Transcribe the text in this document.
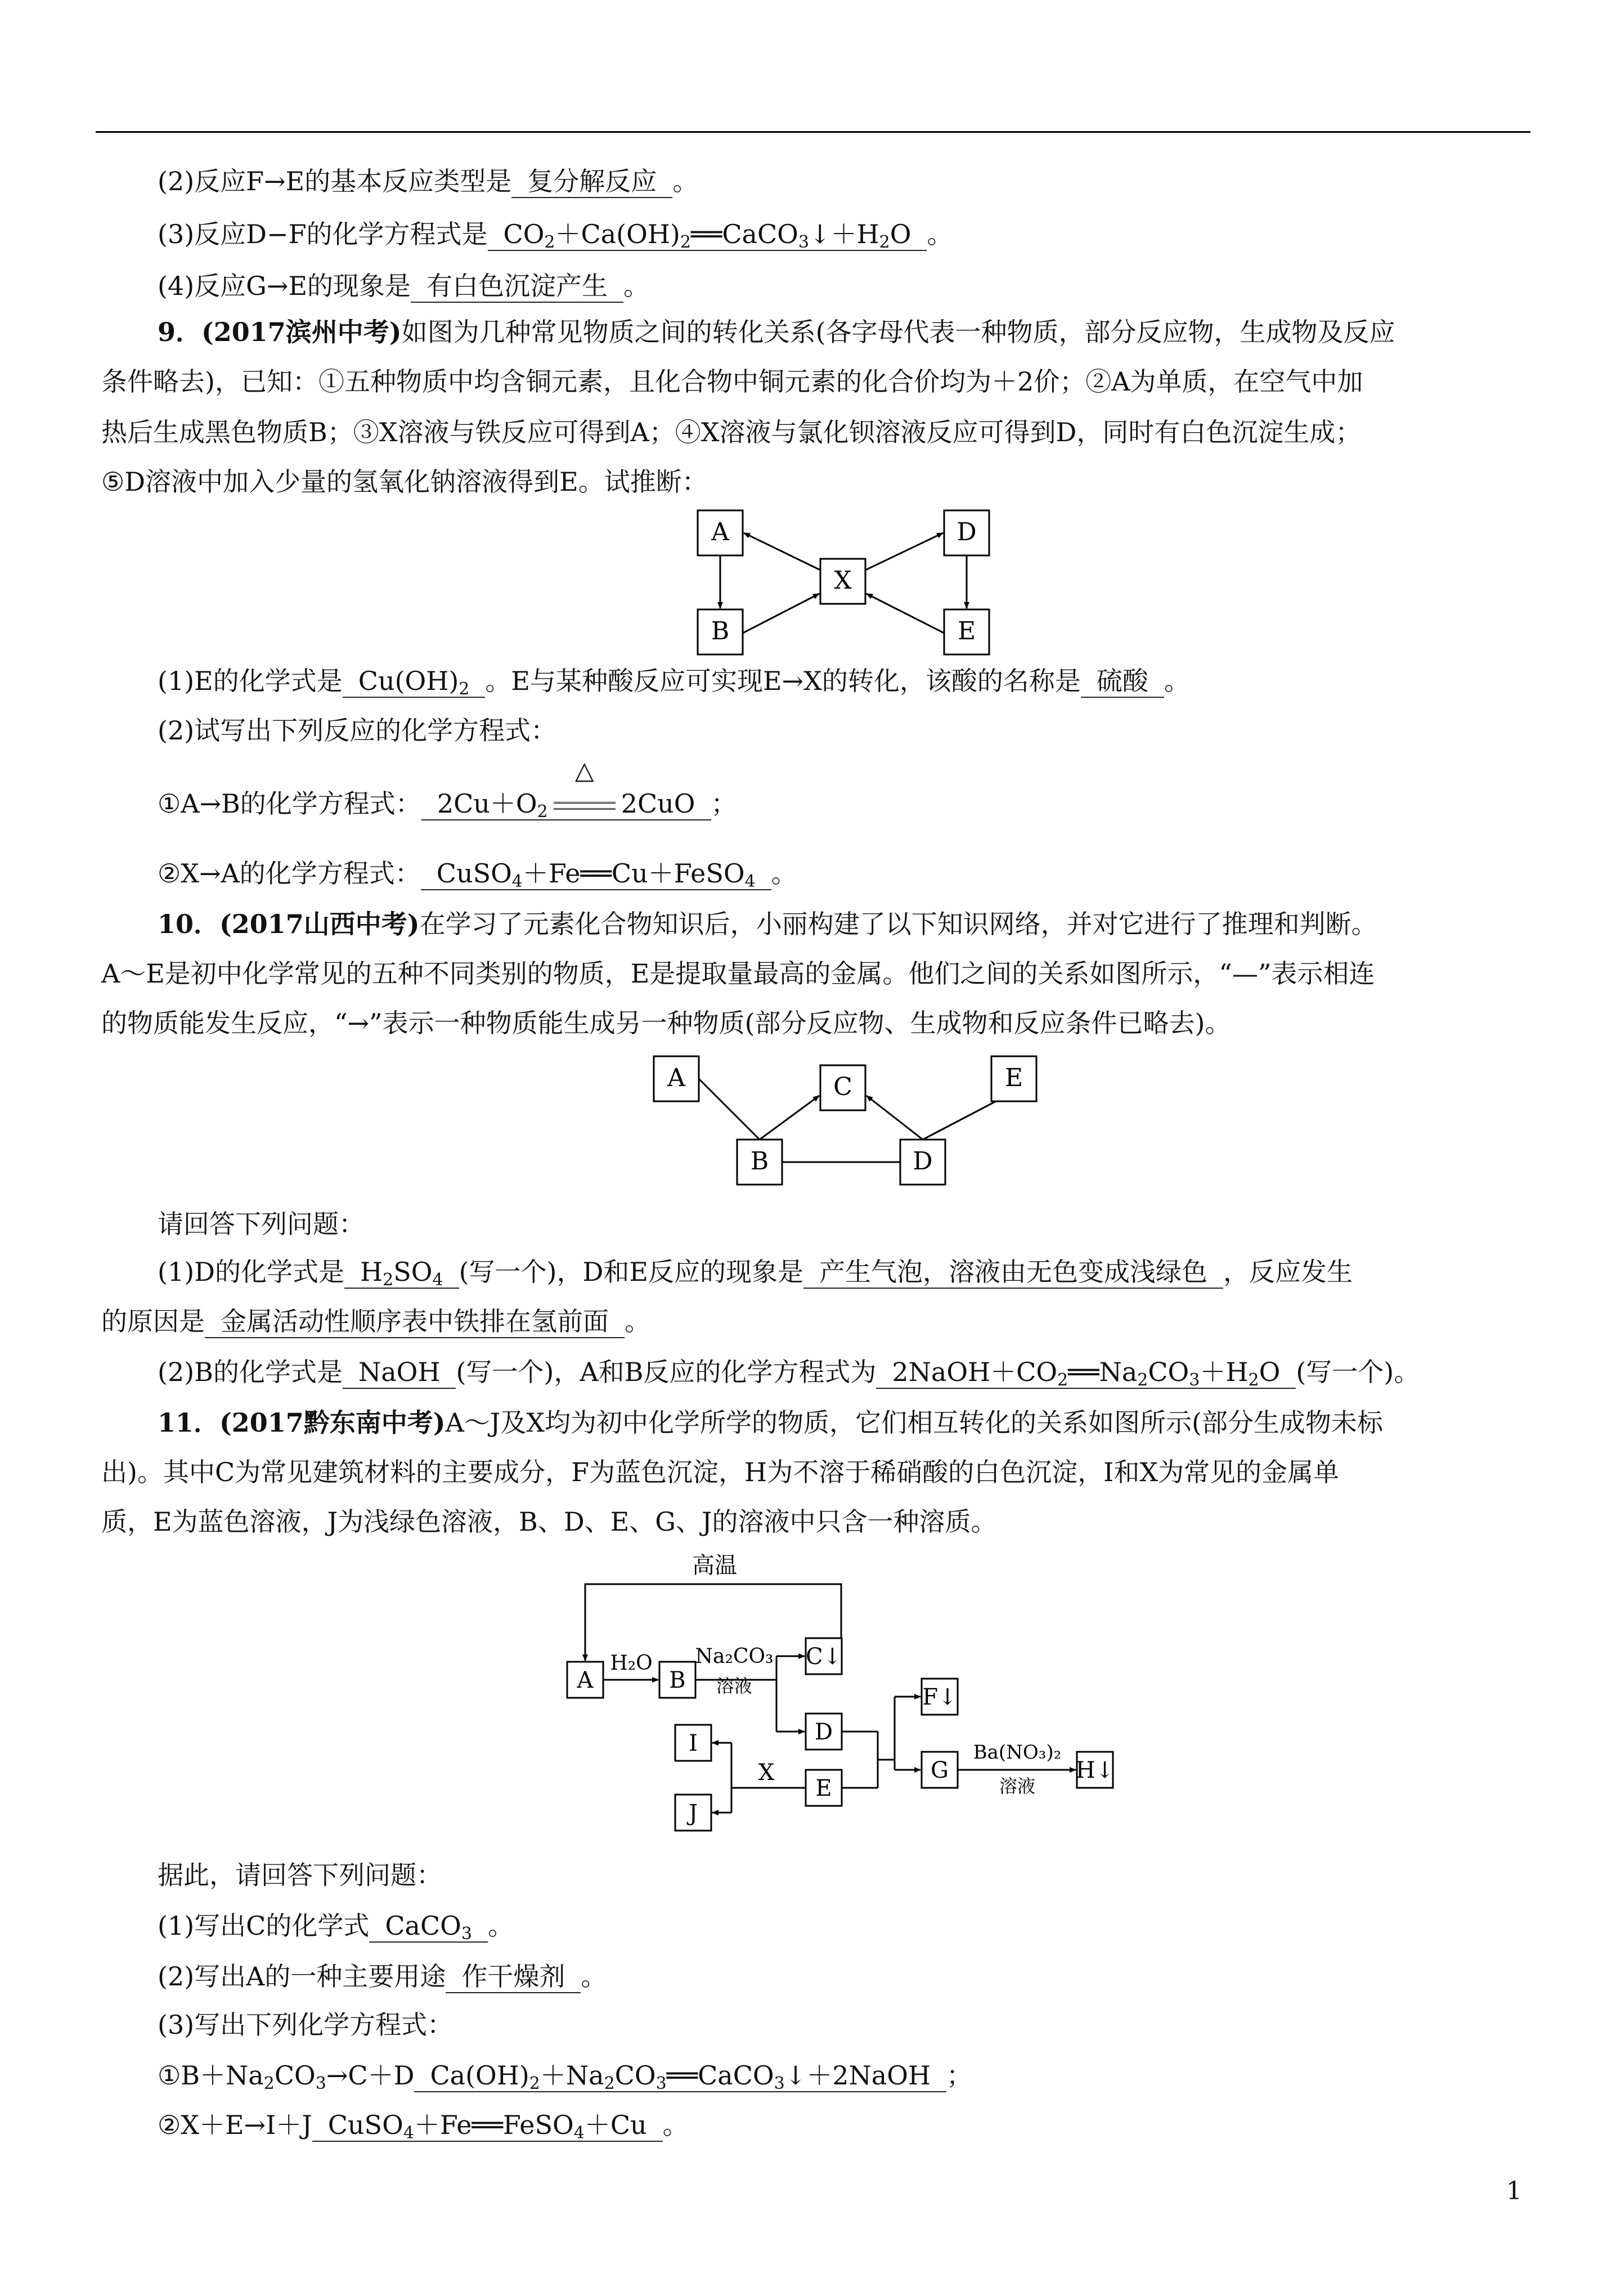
(2)反应F→E的基本反应类型是 复分解反应 。
(3)反应D−F的化学方程式是 $CO_2+Ca(OH)_2══CaCO_3↓+H_2O$ 。
(4)反应G→E的现象是 有白色沉淀产生 。
9．(2017滨州中考)如图为几种常见物质之间的转化关系(各字母代表一种物质，部分反应物，生成物及反应
条件略去)，已知：①五种物质中均含铜元素，且化合物中铜元素的化合价均为＋2价；②A为单质，在空气中加
热后生成黑色物质B；③X溶液与铁反应可得到A；④X溶液与氯化钡溶液反应可得到D，同时有白色沉淀生成；
⑤D溶液中加入少量的氢氧化钠溶液得到E。试推断：
A
B
X
D
E
(1)E的化学式是 $Cu(OH)_2$ 。E与某种酸反应可实现E→X的转化，该酸的名称是 硫酸 。
(2)试写出下列反应的化学方程式：
①A→B的化学方程式： $2Cu+O_2$
△
2CuO ；
②X→A的化学方程式： CuSO$_4$＋Fe══Cu＋FeSO$_4$ 。
10．(2017山西中考)在学习了元素化合物知识后，小丽构建了以下知识网络，并对它进行了推理和判断。
A～E是初中化学常见的五种不同类别的物质，E是提取量最高的金属。他们之间的关系如图所示，“—”表示相连
的物质能发生反应，“→”表示一种物质能生成另一种物质(部分反应物、生成物和反应条件已略去)。
A	C	E
B	D
请回答下列问题：
(1)D的化学式是 $H_2SO_4$ (写一个)，D和E反应的现象是 产生气泡，溶液由无色变成浅绿色 ，反应发生
的原因是 金属活动性顺序表中铁排在氢前面 。
(2)B的化学式是 NaOH (写一个)，A和B反应的化学方程式为 $2NaOH+CO_2══Na_2CO_3+H_2O$ (写一个)。
11．(2017黔东南中考)A～J及X均为初中化学所学的物质，它们相互转化的关系如图所示(部分生成物未标
出)。其中C为常见建筑材料的主要成分，F为蓝色沉淀，H为不溶于稀硝酸的白色沉淀，I和X为常见的金属单
质，E为蓝色溶液，J为浅绿色溶液，B、D、E、G、J的溶液中只含一种溶质。
高温
A
H₂O
B
Na₂CO₃
溶液
C↓
D
I
J
E
X
F↓
G
Ba(NO₃)₂
溶液
H↓
据此，请回答下列问题：
(1)写出C的化学式 CaCO$_3$ 。
(2)写出A的一种主要用途 作干燥剂 。
(3)写出下列化学方程式：
$①B+Na_2CO_3\to C+D$ $Ca(OH)_2+Na_2CO_3══CaCO_3↓+2NaOH$ ；
②X＋E→I＋J CuSO$_4$＋Fe══FeSO$_4$＋Cu 。
1
